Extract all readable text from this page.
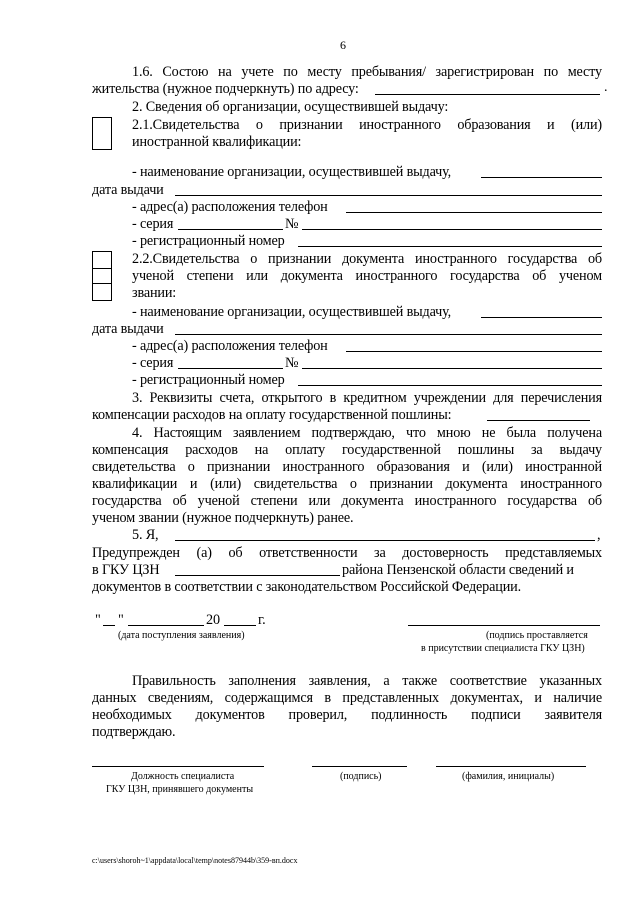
6
1.6. Состою на учете по месту пребывания/ зарегистрирован по месту
жительства (нужное подчеркнуть) по адресу:	.
2. Сведения об организации, осуществившей выдачу:
2.1.Свидетельства о признании иностранного образования и (или)
иностранной квалификации:
- наименование организации, осуществившей выдачу,
дата выдачи
- адрес(а) расположения телефон
- серия	№
- регистрационный номер
2.2.Свидетельства о признании документа иностранного государства об
ученой степени или документа иностранного государства об ученом
звании:
- наименование организации, осуществившей выдачу,
дата выдачи
- адрес(а) расположения телефон
- серия	№
- регистрационный номер
3. Реквизиты счета, открытого в кредитном учреждении для перечисления
компенсации расходов на оплату государственной пошлины:
4. Настоящим заявлением подтверждаю, что мною не была получена
компенсация расходов на оплату государственной пошлины за выдачу
свидетельства о признании иностранного образования и (или) иностранной
квалификации и (или) свидетельства о признании документа иностранного
государства об ученой степени или документа иностранного государства об
ученом звании (нужное подчеркнуть) ранее.
5. Я,	,
Предупрежден (а) об ответственности за достоверность представляемых
в ГКУ ЦЗН	района Пензенской области сведений и
документов в соответствии с законодательством Российской Федерации.
"	"	20	г.
(дата поступления заявления)	(подпись проставляется
в присутствии специалиста ГКУ ЦЗН)
Правильность заполнения заявления, а также соответствие указанных
данных сведениям, содержащимся в представленных документах, и наличие
необходимых документов проверил, подлинность подписи заявителя
подтверждаю.
Должность специалиста
ГКУ ЦЗН, принявшего документы
(подпись)	(фамилия, инициалы)
c:\users\shoroh~1\appdata\local\temp\notes87944b\359-вп.docx
